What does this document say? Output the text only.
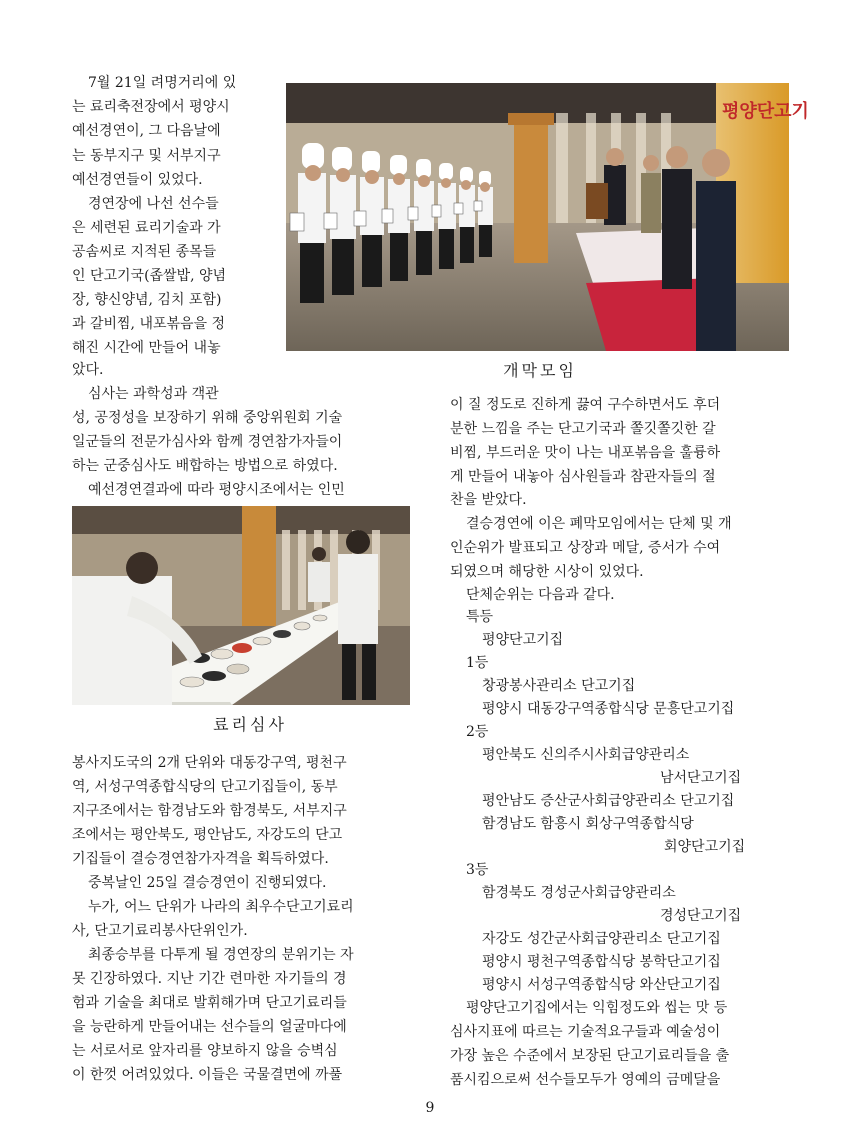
평양단고기
개막모임
7월 21일 려명거리에 있
는 료리축전장에서 평양시
예선경연이, 그 다음날에
는 동부지구 및 서부지구
예선경연들이 있었다.
경연장에 나선 선수들
은 세련된 료리기술과 가
공솜씨로 지적된 종목들
인 단고기국(좁쌀밥, 양념
장, 향신양념, 김치 포함)
과 갈비찜, 내포볶음을 정
해진 시간에 만들어 내놓
았다.
심사는 과학성과 객관
성, 공정성을 보장하기 위해 중앙위원회 기술
일군들의 전문가심사와 함께 경연참가자들이
하는 군중심사도 배합하는 방법으로 하였다.
예선경연결과에 따라 평양시조에서는 인민
료리심사
봉사지도국의 2개 단위와 대동강구역, 평천구
역, 서성구역종합식당의 단고기집들이, 동부
지구조에서는 함경남도와 함경북도, 서부지구
조에서는 평안북도, 평안남도, 자강도의 단고
기집들이 결승경연참가자격을 획득하였다.
중복날인 25일 결승경연이 진행되였다.
누가, 어느 단위가 나라의 최우수단고기료리
사, 단고기료리봉사단위인가.
최종승부를 다투게 될 경연장의 분위기는 자
못 긴장하였다. 지난 기간 련마한 자기들의 경
험과 기술을 최대로 발휘해가며 단고기료리들
을 능란하게 만들어내는 선수들의 얼굴마다에
는 서로서로 앞자리를 양보하지 않을 승벽심
이 한껏 어려있었다. 이들은 국물결면에 까풀
이 질 정도로 진하게 끓여 구수하면서도 후더
분한 느낌을 주는 단고기국과 쫄깃쫄깃한 갈
비찜, 부드러운 맛이 나는 내포볶음을 훌륭하
게 만들어 내놓아 심사원들과 참관자들의 절
찬을 받았다.
결승경연에 이은 폐막모임에서는 단체 및 개
인순위가 발표되고 상장과 메달, 증서가 수여
되였으며 해당한 시상이 있었다.
단체순위는 다음과 같다.
특등
평양단고기집
1등
창광봉사관리소 단고기집
평양시 대동강구역종합식당 문흥단고기집
2등
평안북도 신의주시사회급양관리소
남서단고기집
평안남도 증산군사회급양관리소 단고기집
함경남도 함흥시 회상구역종합식당
회양단고기집
3등
함경북도 경성군사회급양관리소
경성단고기집
자강도 성간군사회급양관리소 단고기집
평양시 평천구역종합식당 봉학단고기집
평양시 서성구역종합식당 와산단고기집
평양단고기집에서는 익힘정도와 씹는 맛 등
심사지표에 따르는 기술적요구들과 예술성이
가장 높은 수준에서 보장된 단고기료리들을 출
품시킴으로써 선수들모두가 영예의 금메달을
9
